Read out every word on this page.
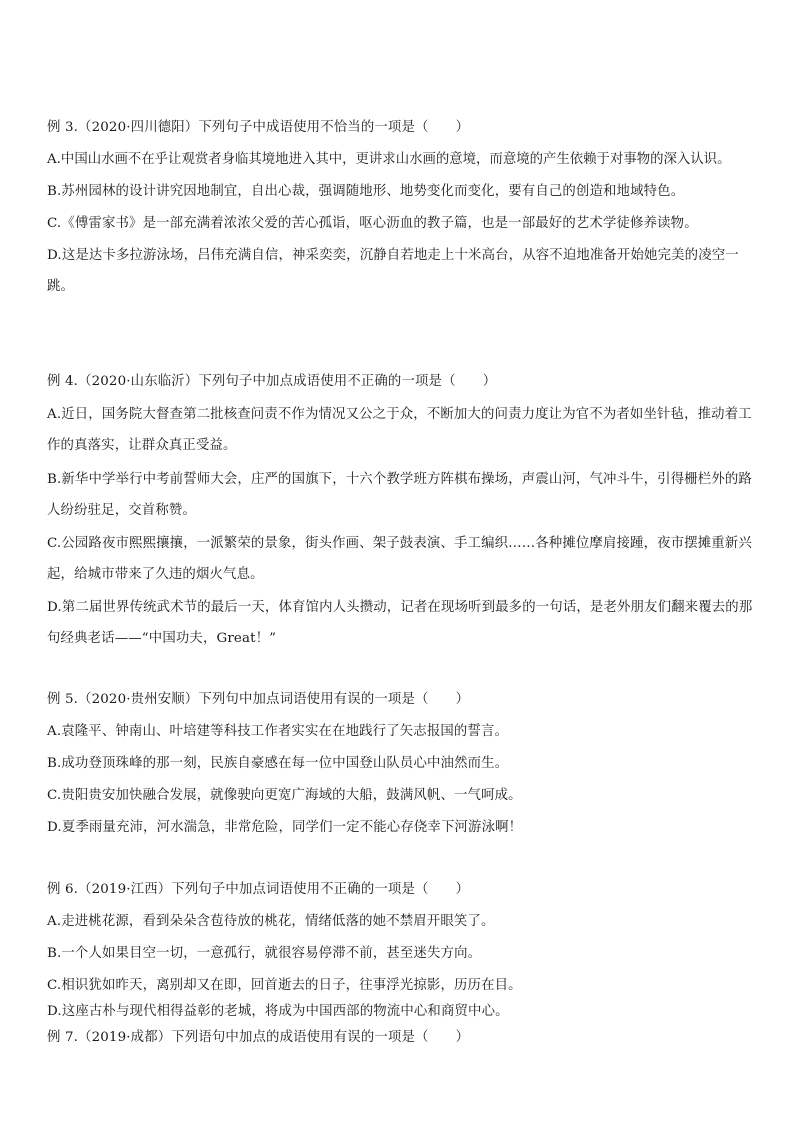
例 3.（2020·四川德阳）下列句子中成语使用不恰当的一项是（　　）
A.中国山水画不在乎让观赏者身临其境地进入其中，更讲求山水画的意境，而意境的产生依赖于对事物的深入认识。
B.苏州园林的设计讲究因地制宜，自出心裁，强调随地形、地势变化而变化，要有自己的创造和地域特色。
C.《傅雷家书》是一部充满着浓浓父爱的苦心孤诣，呕心沥血的教子篇，也是一部最好的艺术学徒修养读物。
D.这是达卡多拉游泳场，吕伟充满自信，神采奕奕，沉静自若地走上十米高台，从容不迫地准备开始她完美的凌空一跳。
例 4.（2020·山东临沂）下列句子中加点成语使用不正确的一项是（　　）
A.近日，国务院大督查第二批核查问责不作为情况又公之于众，不断加大的问责力度让为官不为者如坐针毡，推动着工作的真落实，让群众真正受益。
B.新华中学举行中考前誓师大会，庄严的国旗下，十六个教学班方阵棋布操场，声震山河，气冲斗牛，引得栅栏外的路人纷纷驻足，交首称赞。
C.公园路夜市熙熙攘攘，一派繁荣的景象，街头作画、架子鼓表演、手工编织……各种摊位摩肩接踵，夜市摆摊重新兴起，给城市带来了久违的烟火气息。
D.第二届世界传统武术节的最后一天，体育馆内人头攒动，记者在现场听到最多的一句话，是老外朋友们翻来覆去的那句经典老话——“中国功夫，Great！”
例 5.（2020·贵州安顺）下列句中加点词语使用有误的一项是（　　）
A.袁隆平、钟南山、叶培建等科技工作者实实在在地践行了矢志报国的誓言。
B.成功登顶珠峰的那一刻，民族自豪感在每一位中国登山队员心中油然而生。
C.贵阳贵安加快融合发展，就像驶向更宽广海域的大船，鼓满风帆、一气呵成。
D.夏季雨量充沛，河水湍急，非常危险，同学们一定不能心存侥幸下河游泳啊！
例 6.（2019·江西）下列句子中加点词语使用不正确的一项是（　　）
A.走进桃花源，看到朵朵含苞待放的桃花，情绪低落的她不禁眉开眼笑了。
B.一个人如果目空一切，一意孤行，就很容易停滞不前，甚至迷失方向。
C.相识犹如昨天，离别却又在即，回首逝去的日子，往事浮光掠影，历历在目。
D.这座古朴与现代相得益彰的老城，将成为中国西部的物流中心和商贸中心。
例 7.（2019·成都）下列语句中加点的成语使用有误的一项是（　　）
